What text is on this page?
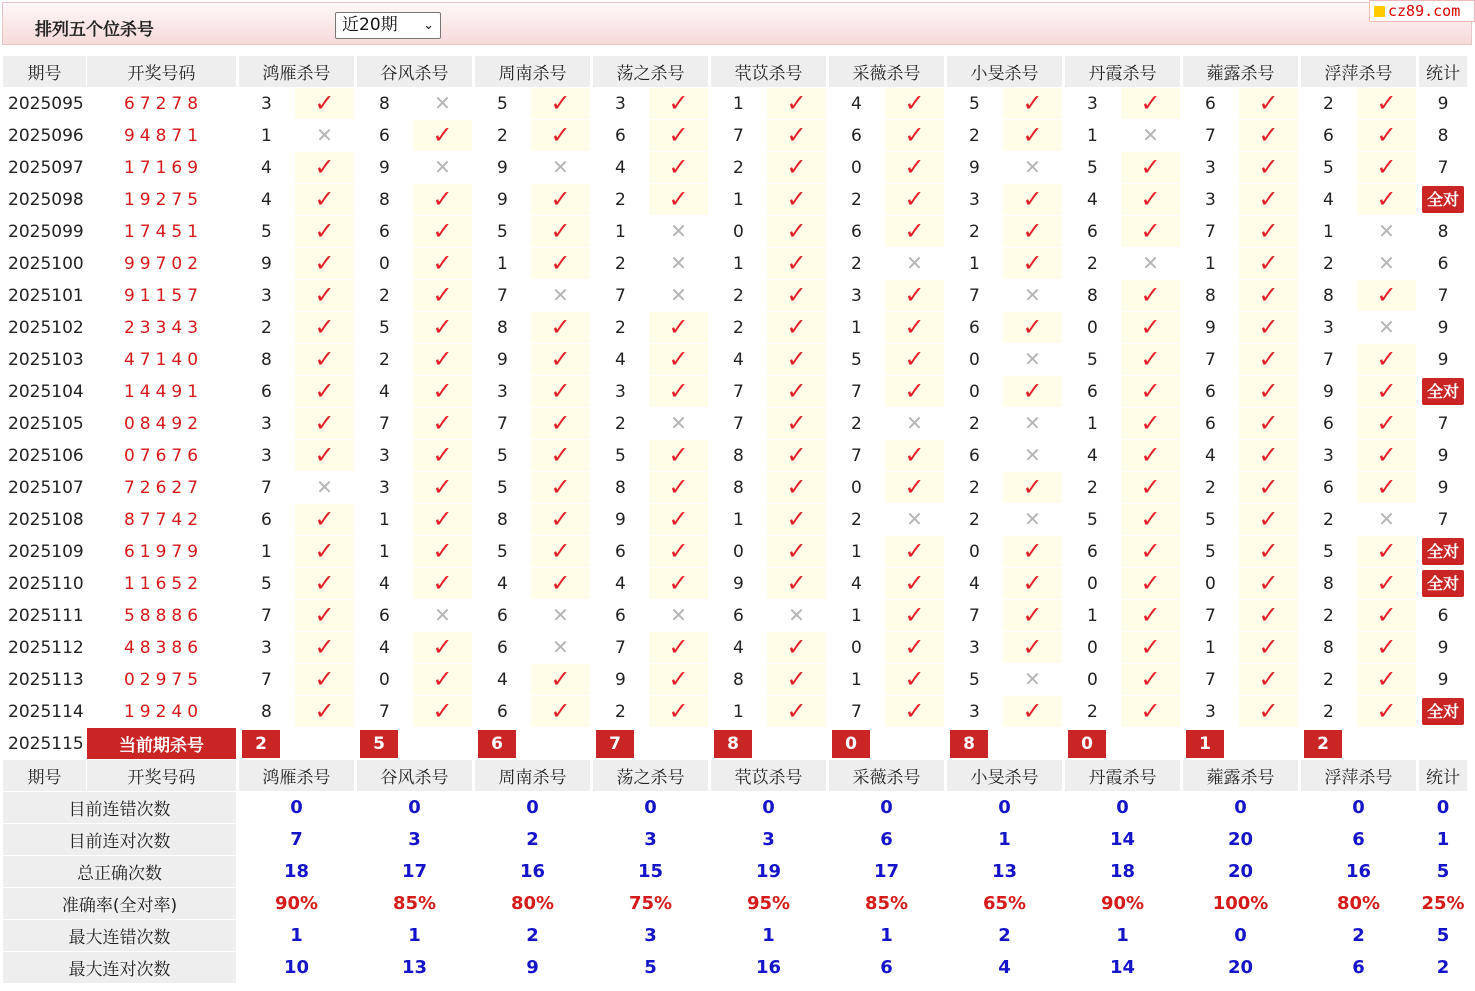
排列五个位杀号	近20期 ⌄
cz89.com
期号	开奖号码	鸿雁杀号		谷风杀号		周南杀号		荡之杀号		茕苡杀号		采薇杀号		小旻杀号		丹霞杀号		蕹露杀号		浮萍杀号		统计
2025095	67278	3	✓	8	✕	5	✓	3	✓	1	✓	4	✓	5	✓	3	✓	6	✓	2	✓	9
2025096	94871	1	✕	6	✓	2	✓	6	✓	7	✓	6	✓	2	✓	1	✕	7	✓	6	✓	8
2025097	17169	4	✓	9	✕	9	✕	4	✓	2	✓	0	✓	9	✕	5	✓	3	✓	5	✓	7
2025098	19275	4	✓	8	✓	9	✓	2	✓	1	✓	2	✓	3	✓	4	✓	3	✓	4	✓	全对
2025099	17451	5	✓	6	✓	5	✓	1	✕	0	✓	6	✓	2	✓	6	✓	7	✓	1	✕	8
2025100	99702	9	✓	0	✓	1	✓	2	✕	1	✓	2	✕	1	✓	2	✕	1	✓	2	✕	6
2025101	91157	3	✓	2	✓	7	✕	7	✕	2	✓	3	✓	7	✕	8	✓	8	✓	8	✓	7
2025102	23343	2	✓	5	✓	8	✓	2	✓	2	✓	1	✓	6	✓	0	✓	9	✓	3	✕	9
2025103	47140	8	✓	2	✓	9	✓	4	✓	4	✓	5	✓	0	✕	5	✓	7	✓	7	✓	9
2025104	14491	6	✓	4	✓	3	✓	3	✓	7	✓	7	✓	0	✓	6	✓	6	✓	9	✓	全对
2025105	08492	3	✓	7	✓	7	✓	2	✕	7	✓	2	✕	2	✕	1	✓	6	✓	6	✓	7
2025106	07676	3	✓	3	✓	5	✓	5	✓	8	✓	7	✓	6	✕	4	✓	4	✓	3	✓	9
2025107	72627	7	✕	3	✓	5	✓	8	✓	8	✓	0	✓	2	✓	2	✓	2	✓	6	✓	9
2025108	87742	6	✓	1	✓	8	✓	9	✓	1	✓	2	✕	2	✕	5	✓	5	✓	2	✕	7
2025109	61979	1	✓	1	✓	5	✓	6	✓	0	✓	1	✓	0	✓	6	✓	5	✓	5	✓	全对
2025110	11652	5	✓	4	✓	4	✓	4	✓	9	✓	4	✓	4	✓	0	✓	0	✓	8	✓	全对
2025111	58886	7	✓	6	✕	6	✕	6	✕	6	✕	1	✓	7	✓	1	✓	7	✓	2	✓	6
2025112	48386	3	✓	4	✓	6	✕	7	✓	4	✓	0	✓	3	✓	0	✓	1	✓	8	✓	9
2025113	02975	7	✓	0	✓	4	✓	9	✓	8	✓	1	✓	5	✕	0	✓	7	✓	2	✓	9
2025114	19240	8	✓	7	✓	6	✓	2	✓	1	✓	7	✓	3	✓	2	✓	3	✓	2	✓	全对
2025115	当前期杀号	2		5		6		7		8		0		8		0		1		2		
期号	开奖号码	鸿雁杀号		谷风杀号		周南杀号		荡之杀号		茕苡杀号		采薇杀号		小旻杀号		丹霞杀号		蕹露杀号		浮萍杀号		统计
目前连错次数		0		0		0		0		0		0		0		0		0		0		0
目前连对次数		7		3		2		3		3		6		1		14		20		6		1
总正确次数		18		17		16		15		19		17		13		18		20		16		5
准确率(全对率)		90%		85%		80%		75%		95%		85%		65%		90%		100%		80%		25%
最大连错次数		1		1		2		3		1		1		2		1		0		2		5
最大连对次数		10		13		9		5		16		6		4		14		20		6		2
